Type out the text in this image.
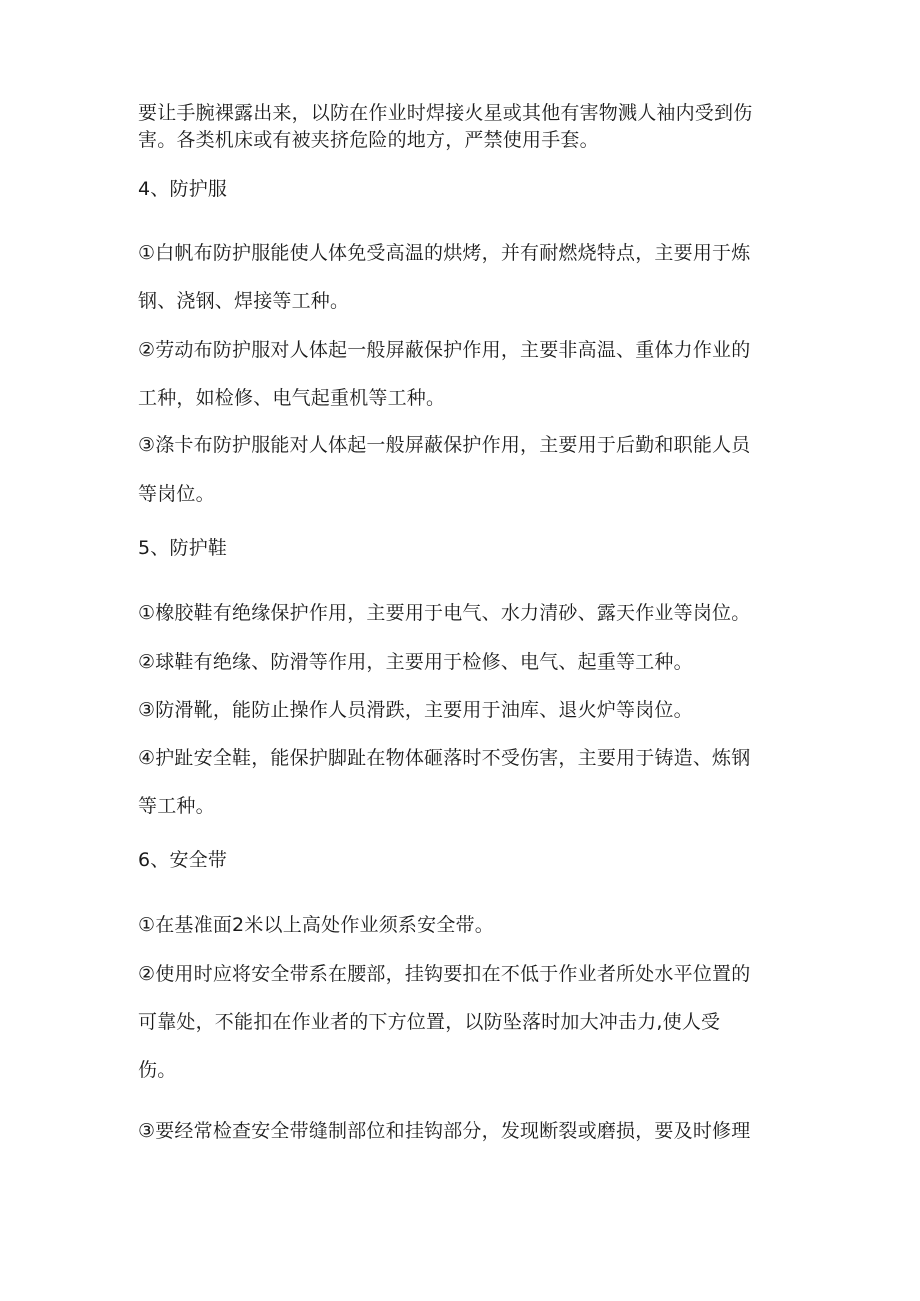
要让手腕裸露出来，以防在作业时焊接火星或其他有害物溅人袖内受到伤
害。各类机床或有被夹挤危险的地方，严禁使用手套。
4、防护服
①白帆布防护服能使人体免受高温的烘烤，并有耐燃烧特点，主要用于炼
钢、浇钢、焊接等工种。
②劳动布防护服对人体起一般屏蔽保护作用，主要非高温、重体力作业的
工种，如检修、电气起重机等工种。
③涤卡布防护服能对人体起一般屏蔽保护作用，主要用于后勤和职能人员
等岗位。
5、防护鞋
①橡胶鞋有绝缘保护作用，主要用于电气、水力清砂、露天作业等岗位。
②球鞋有绝缘、防滑等作用，主要用于检修、电气、起重等工种。
③防滑靴，能防止操作人员滑跌，主要用于油库、退火炉等岗位。
④护趾安全鞋，能保护脚趾在物体砸落时不受伤害，主要用于铸造、炼钢
等工种。
6、安全带
①在基准面2米以上高处作业须系安全带。
②使用时应将安全带系在腰部，挂钩要扣在不低于作业者所处水平位置的
可靠处，不能扣在作业者的下方位置，以防坠落时加大冲击力,使人受
伤。
③要经常检查安全带缝制部位和挂钩部分，发现断裂或磨损，要及时修理
